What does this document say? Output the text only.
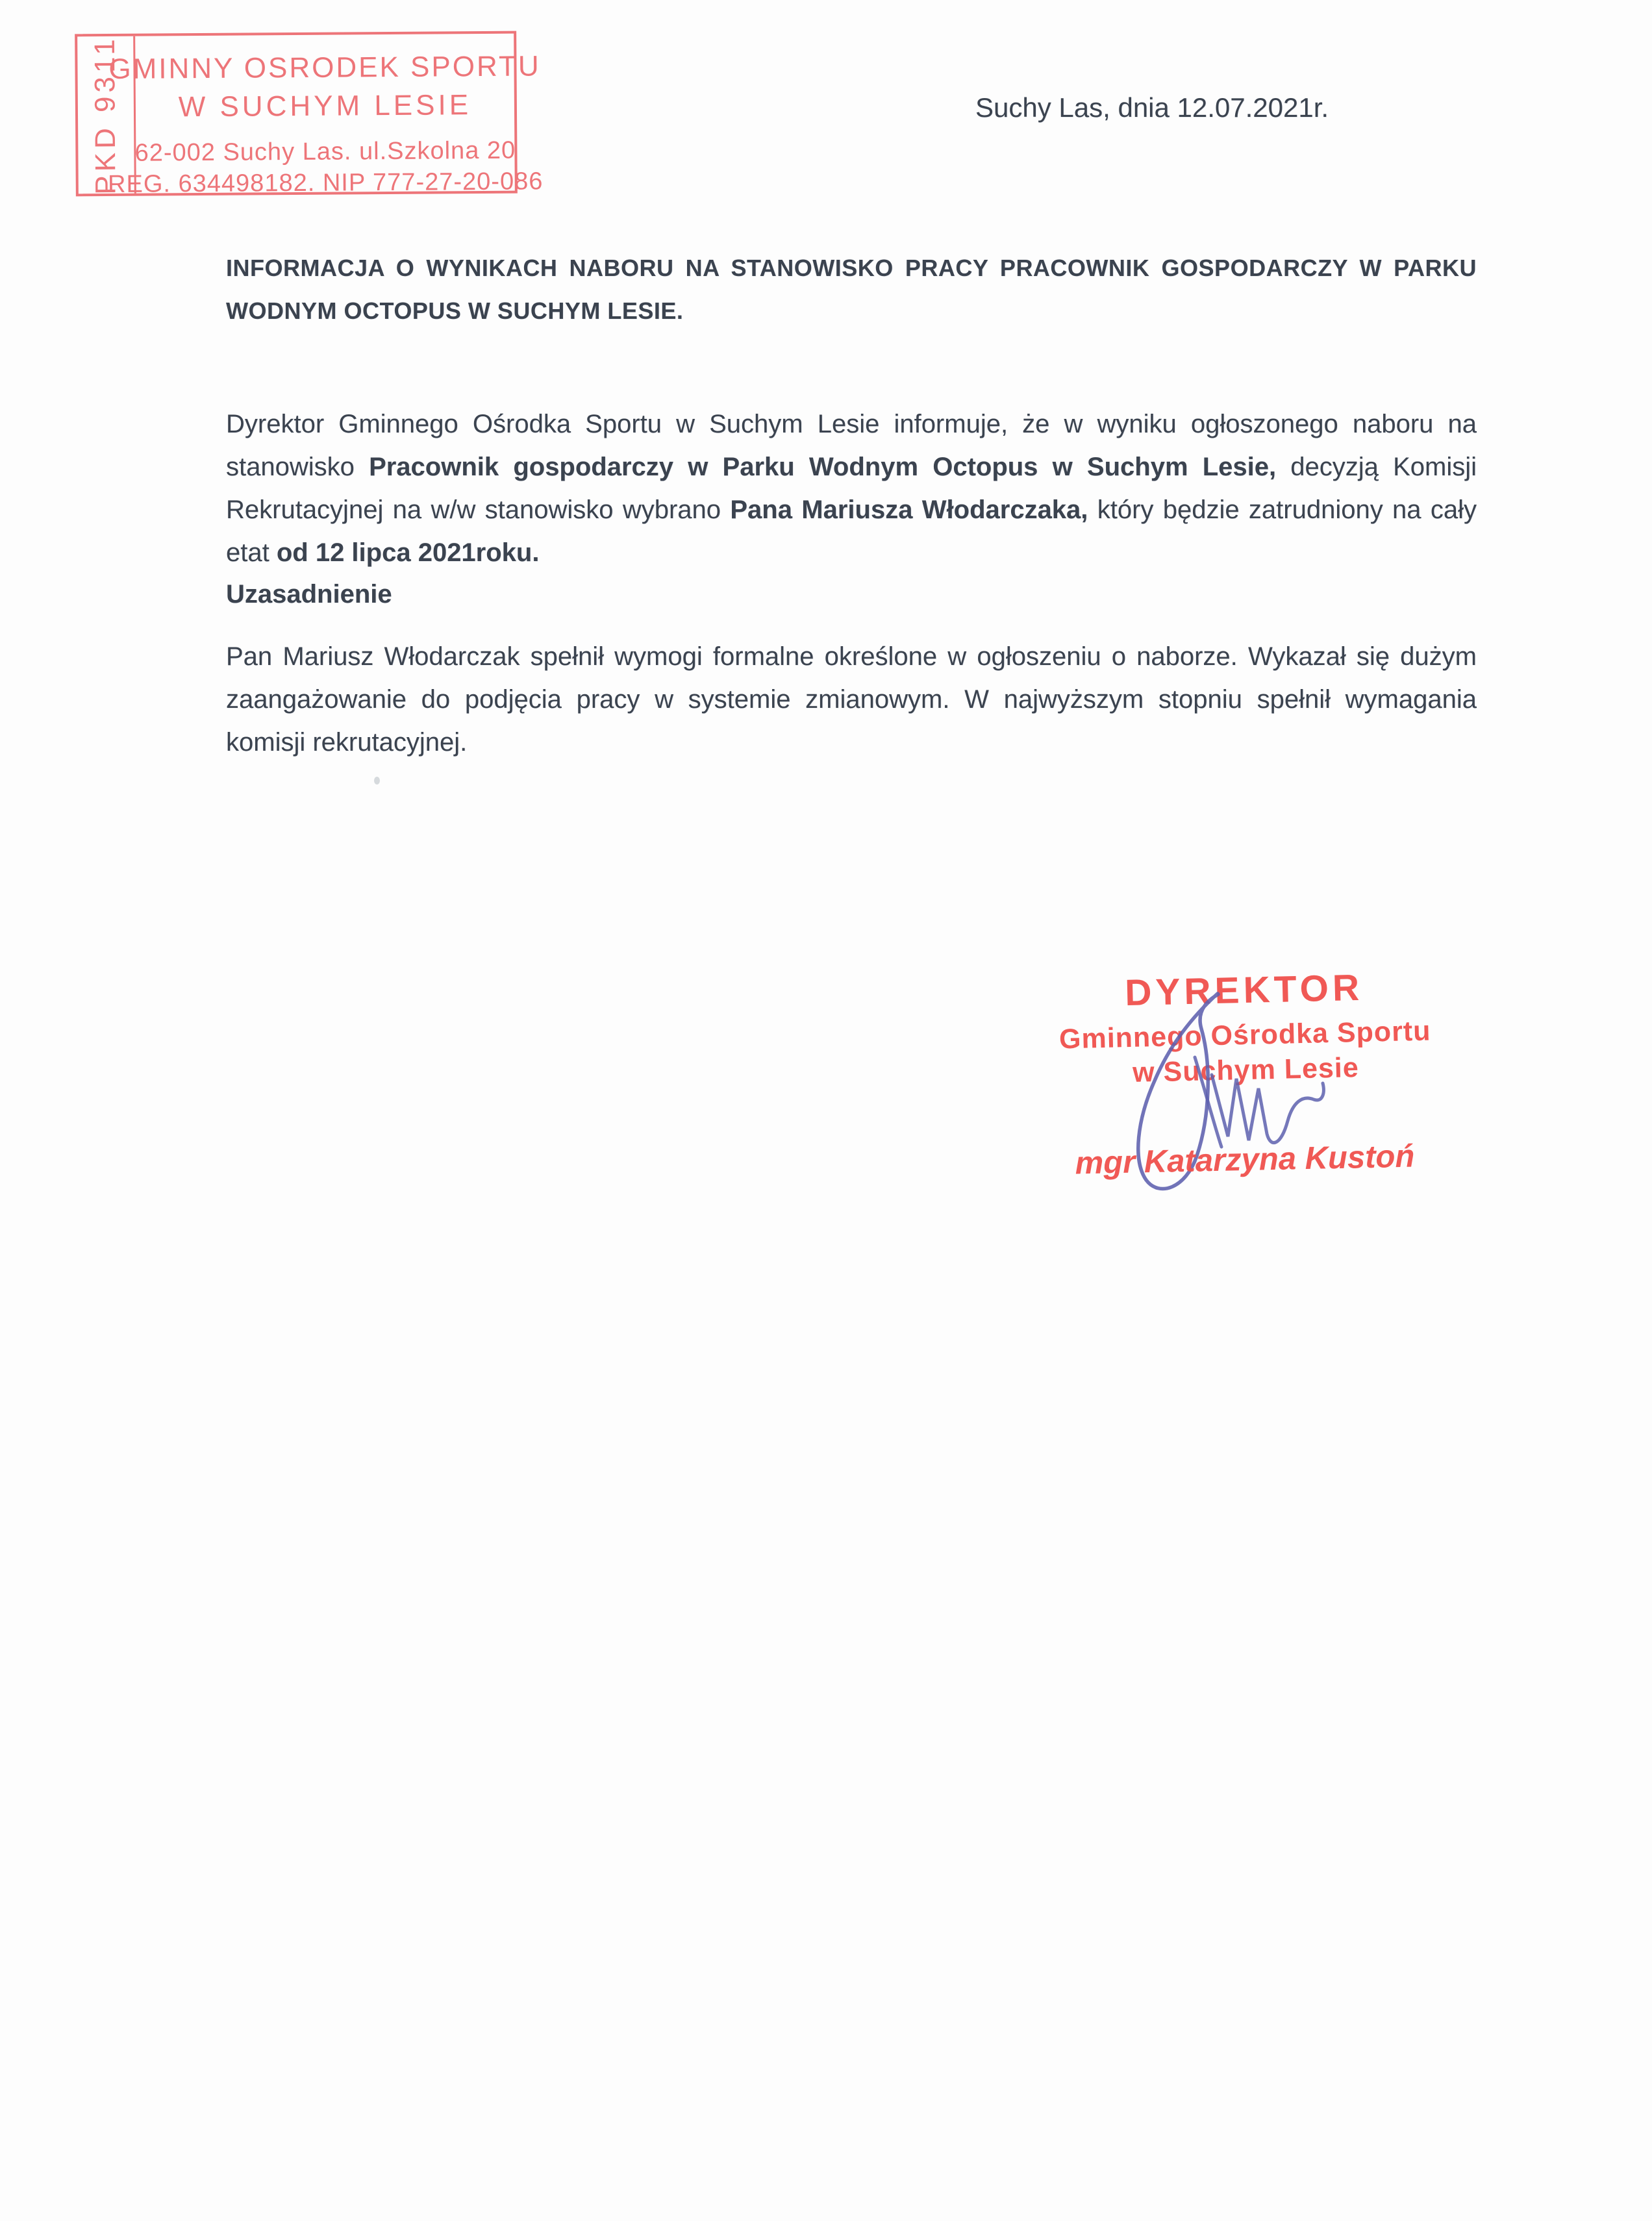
PKD 9311
GMINNY OSRODEK SPORTU
W SUCHYM LESIE
62-002 Suchy Las. ul.Szkolna 20
REG. 634498182. NIP 777-27-20-086
Suchy Las, dnia 12.07.2021r.
INFORMACJA O WYNIKACH NABORU NA STANOWISKO PRACY PRACOWNIK GOSPODARCZY W PARKU WODNYM OCTOPUS W SUCHYM LESIE.
Dyrektor Gminnego Ośrodka Sportu w Suchym Lesie informuje, że w wyniku ogłoszonego naboru na stanowisko Pracownik gospodarczy w Parku Wodnym Octopus w Suchym Lesie, decyzją Komisji Rekrutacyjnej na w/w stanowisko wybrano Pana Mariusza Włodarczaka, który będzie zatrudniony na cały etat od 12 lipca 2021roku.
Uzasadnienie
Pan Mariusz Włodarczak spełnił wymogi formalne określone w ogłoszeniu o naborze. Wykazał się dużym zaangażowanie do podjęcia pracy w systemie zmianowym. W najwyższym stopniu spełnił wymagania komisji rekrutacyjnej.
DYREKTOR
Gminnego Ośrodka Sportu
w Suchym Lesie
mgr Katarzyna Kustoń
